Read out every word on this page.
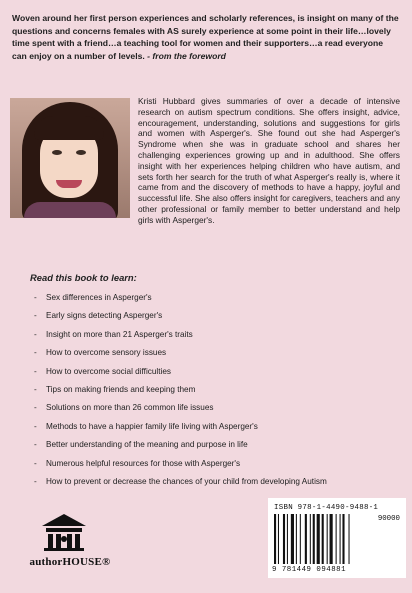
Woven around her first person experiences and scholarly references, is insight on many of the questions and concerns females with AS surely experience at some point in their life…lovely time spent with a friend…a teaching tool for women and their supporters…a read everyone can enjoy on a number of levels. - from the foreword
Kristi Hubbard gives summaries of over a decade of intensive research on autism spectrum conditions. She offers insight, advice, encouragement, understanding, solutions and suggestions for girls and women with Asperger's. She found out she had Asperger's Syndrome when she was in graduate school and shares her challenging experiences growing up and in adulthood. She offers insight with her experiences helping children who have autism, and sets forth her search for the truth of what Asperger's really is, where it came from and the discovery of methods to have a happy, joyful and successful life. She also offers insight for caregivers, teachers and any other professional or family member to better understand and help girls with Asperger's.
Read this book to learn:
- Sex differences in Asperger's
- Early signs detecting Asperger's
- Insight on more than 21 Asperger's traits
- How to overcome sensory issues
- How to overcome social difficulties
- Tips on making friends and keeping them
- Solutions on more than 26 common life issues
- Methods to have a happier family life living with Asperger's
- Better understanding of the meaning and purpose in life
- Numerous helpful resources for those with Asperger's
- How to prevent or decrease the chances of your child from developing Autism
authorHOUSE®
ISBN 978-1-4490-9488-1
90000
9 781449 094881
